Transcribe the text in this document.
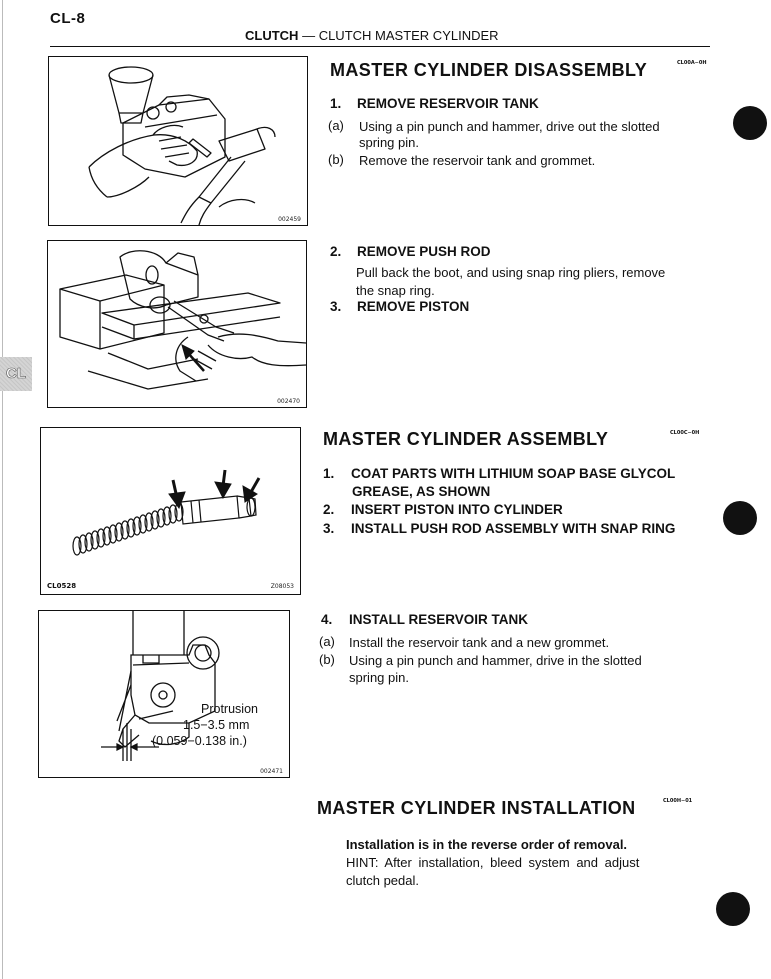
CL-8
CLUTCH — CLUTCH MASTER CYLINDER
CL
002459
002470
CL0528	Z08053
Protrusion
1.5−3.5 mm
(0.059−0.138 in.)
002471
MASTER CYLINDER DISASSEMBLY	CL00A−0H
1. REMOVE RESERVOIR TANK
(a) Using a pin punch and hammer, drive out the slotted
spring pin.
(b) Remove the reservoir tank and grommet.
2. REMOVE PUSH ROD
Pull back the boot, and using snap ring pliers, remove
the snap ring.
3. REMOVE PISTON
MASTER CYLINDER ASSEMBLY	CL00C−0H
1. COAT PARTS WITH LITHIUM SOAP BASE GLYCOL
GREASE, AS SHOWN
2. INSERT PISTON INTO CYLINDER
3. INSTALL PUSH ROD ASSEMBLY WITH SNAP RING
4. INSTALL RESERVOIR TANK
(a) Install the reservoir tank and a new grommet.
(b) Using a pin punch and hammer, drive in the slotted
spring pin.
MASTER CYLINDER INSTALLATION	CL00H−01
Installation is in the reverse order of removal.
HINT: After installation, bleed system and adjust
clutch pedal.
